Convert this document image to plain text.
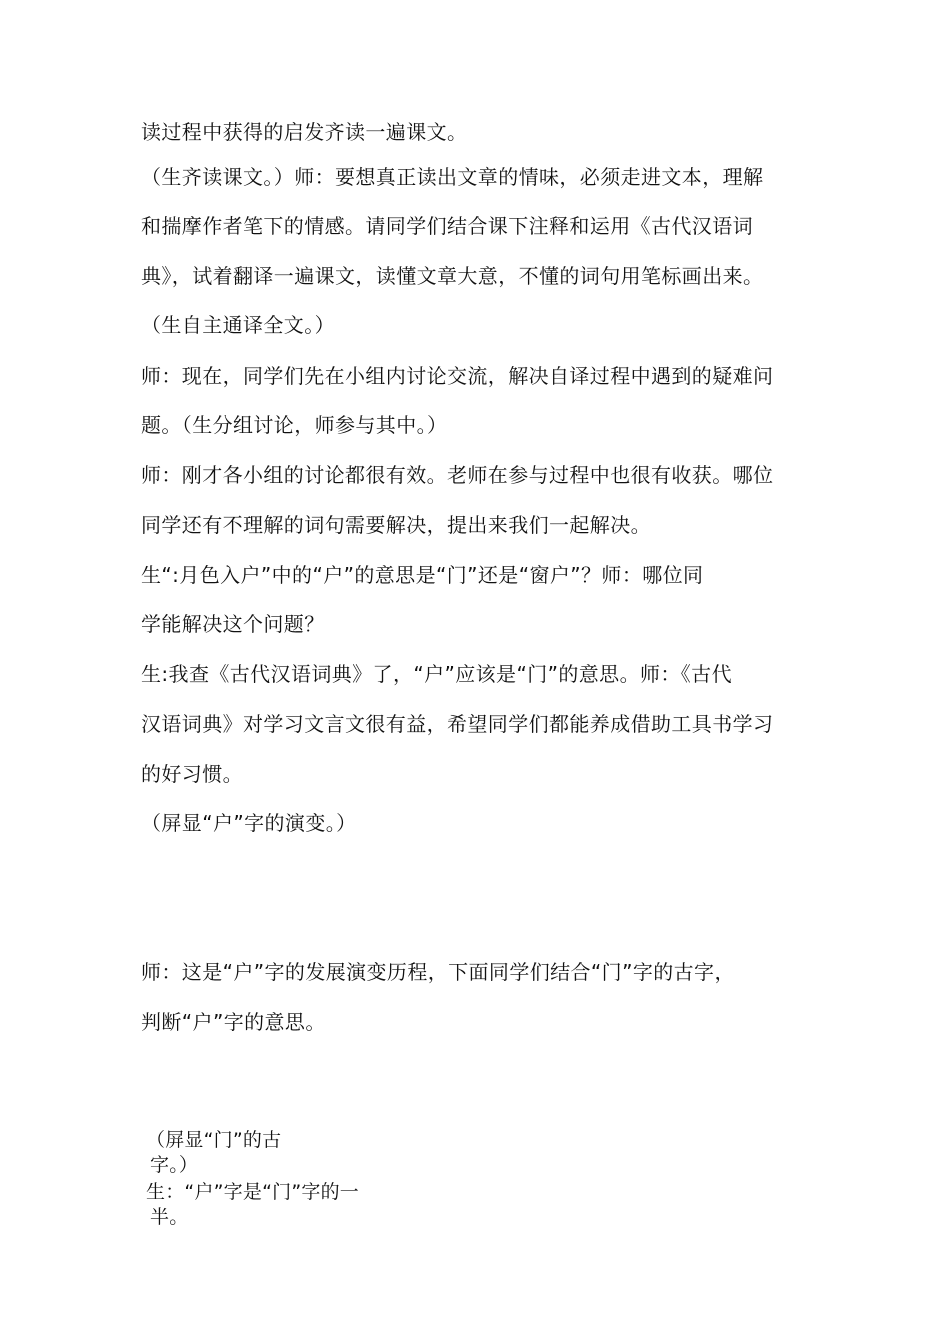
读过程中获得的启发齐读一遍课文。

（生齐读课文。）师：要想真正读出文章的情味，必须走进文本，理解

和揣摩作者笔下的情感。请同学们结合课下注释和运用《古代汉语词

典》，试着翻译一遍课文，读懂文章大意，不懂的词句用笔标画出来。

（生自主通译全文。）

师：现在，同学们先在小组内讨论交流，解决自译过程中遇到的疑难问

题。（生分组讨论，师参与其中。）

师：刚才各小组的讨论都很有效。老师在参与过程中也很有收获。哪位

同学还有不理解的词句需要解决，提出来我们一起解决。

生“:月色入户”中的“户”的意思是“门”还是“窗户”？师：哪位同

学能解决这个问题？

生:我查《古代汉语词典》了，“户”应该是“门”的意思。师：《古代

汉语词典》对学习文言文很有益，希望同学们都能养成借助工具书学习

的好习惯。

（屏显“户”字的演变。）

师：这是“户”字的发展演变历程，下面同学们结合“门”字的古字，

判断“户”字的意思。

（屏显“门”的古

字。）

生：“户”字是“门”字的一

半。
